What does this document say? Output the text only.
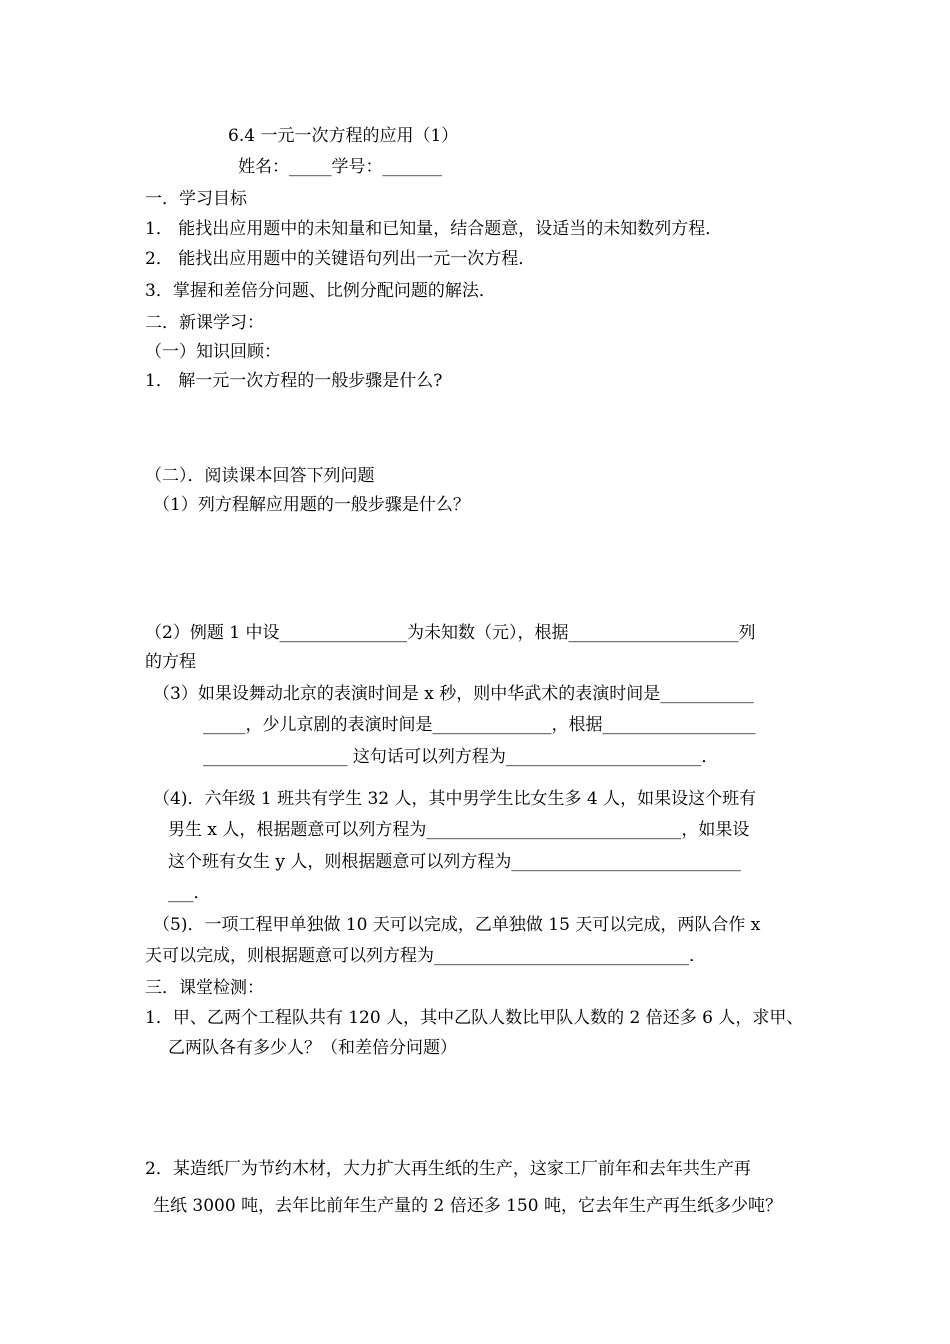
6.4 一元一次方程的应用（1）
姓名：_____学号：_______
一．学习目标
1． 能找出应用题中的未知量和已知量，结合题意，设适当的未知数列方程．
2． 能找出应用题中的关键语句列出一元一次方程．
3．掌握和差倍分问题、比例分配问题的解法．
二．新课学习：
（一）知识回顾：
1． 解一元一次方程的一般步骤是什么?
（二）．阅读课本回答下列问题
（1）列方程解应用题的一般步骤是什么？
（2）例题 1 中设_______________为未知数（元），根据____________________列
的方程
（3）如果设舞动北京的表演时间是 x 秒，则中华武术的表演时间是___________
_____，少儿京剧的表演时间是______________，根据__________________
_________________ 这句话可以列方程为_______________________．
（4)．六年级 1 班共有学生 32 人，其中男学生比女生多 4 人，如果设这个班有
男生 x 人，根据题意可以列方程为______________________________，如果设
这个班有女生 y 人，则根据题意可以列方程为___________________________
___．
（5)．一项工程甲单独做 10 天可以完成，乙单独做 15 天可以完成，两队合作 x
天可以完成，则根据题意可以列方程为______________________________．
三．课堂检测：
1．甲、乙两个工程队共有 120 人，其中乙队人数比甲队人数的 2 倍还多 6 人，求甲、
乙两队各有多少人？（和差倍分问题）
2．某造纸厂为节约木材，大力扩大再生纸的生产，这家工厂前年和去年共生产再
生纸 3000 吨，去年比前年生产量的 2 倍还多 150 吨，它去年生产再生纸多少吨？
